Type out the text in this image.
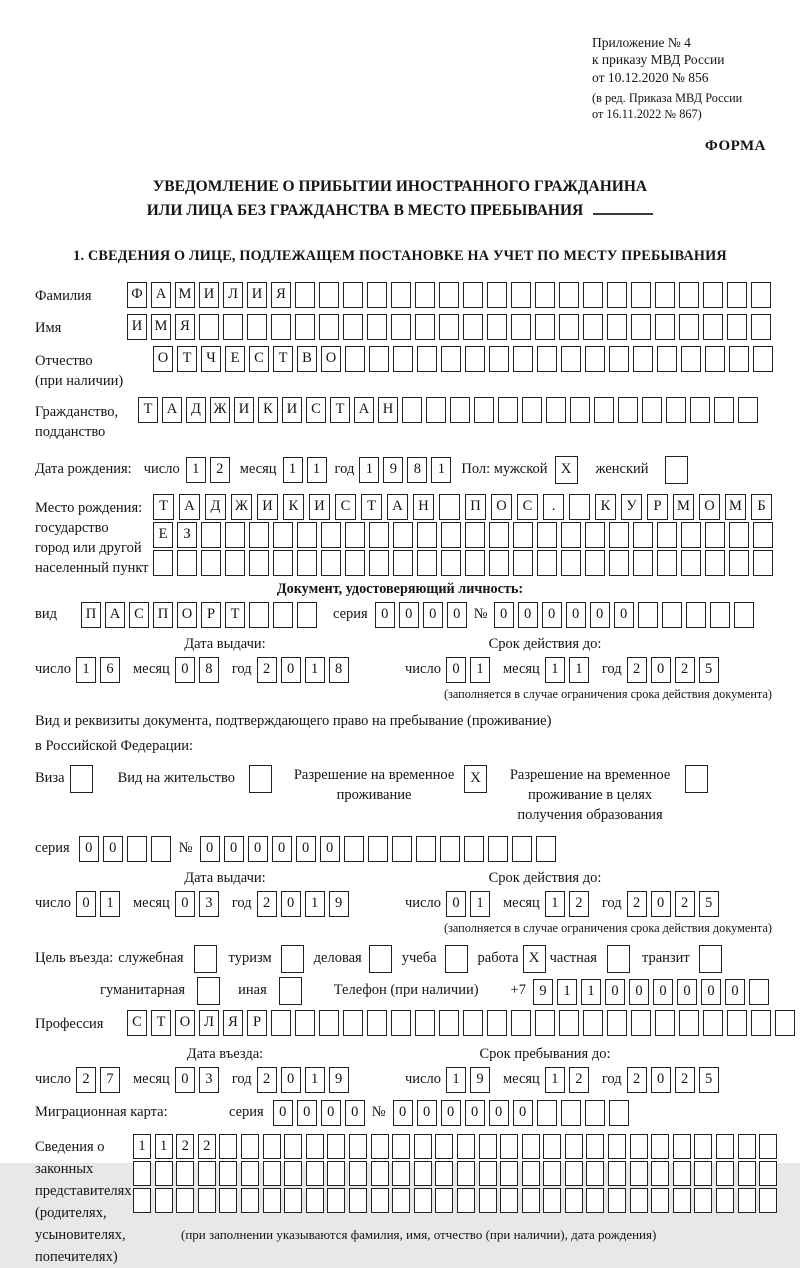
Приложение № 4
к приказу МВД России
от 10.12.2020 № 856
(в ред. Приказа МВД России
от 16.11.2022 № 867)
ФОРМА
УВЕДОМЛЕНИЕ О ПРИБЫТИИ ИНОСТРАННОГО ГРАЖДАНИНА
ИЛИ ЛИЦА БЕЗ ГРАЖДАНСТВА В МЕСТО ПРЕБЫВАНИЯ
1. СВЕДЕНИЯ О ЛИЦЕ, ПОДЛЕЖАЩЕМ ПОСТАНОВКЕ НА УЧЕТ ПО МЕСТУ ПРЕБЫВАНИЯ
Фамилия	Ф А М И Л И Я
Имя	И М Я
Отчество
(при наличии)
О Т	Ч	Е	С	Т	В О
Гражданство,
подданство
Т А Д Ж И К И С	Т А Н
Дата рождения: число 1	2	месяц 1	1 год 1	9	8	1	Пол: мужской X	женский
Место рождения:
государство
город или другой
населенный пункт
Т	А	Д	Ж И	К	И	С	Т	А	Н	П	О	С	.	К	У	Р	М О М	Б
Е	З
Документ, удостоверяющий личность:
вид	П А С П О	Р	Т	серия 0	0	0	0 № 0	0	0	0	0	0
Дата выдачи:
число 1	6	месяц 0	8	год 2	0	1	8
Срок действия до:
число 0	1	месяц 1	1	год 2	0	2	5
(заполняется в случае ограничения срока действия документа)
Вид и реквизиты документа, подтверждающего право на пребывание (проживание)
в Российской Федерации:
Виза	Вид на жительство	Разрешение на временное проживание
X	Разрешение на временное проживание в целях получения образования
серия	0	0	№ 0	0	0	0	0	0
Дата выдачи:
число 0	1	месяц 0	3	год 2	0	1	9
Срок действия до:
число 0	1	месяц 1	2	год 2	0	2	5
(заполняется в случае ограничения срока действия документа)
Цель въезда: служебная	туризм	деловая	учеба	работа X частная	транзит
гуманитарная	иная	Телефон (при наличии) +7 9	1	1	0	0	0	0	0	0
Профессия	С	Т О Л Я	Р
Дата въезда:
число 2	7	месяц 0	3	год 2	0	1	9
Срок пребывания до:
число 1	9	месяц 1	2	год 2	0	2	5
Миграционная карта:	серия	0	0	0	0 № 0	0	0	0	0	0
Сведения о
законных
представителях
(родителях,
усыновителях,
попечителях)
1 1 2 2
(при заполнении указываются фамилия, имя, отчество (при наличии), дата рождения)
